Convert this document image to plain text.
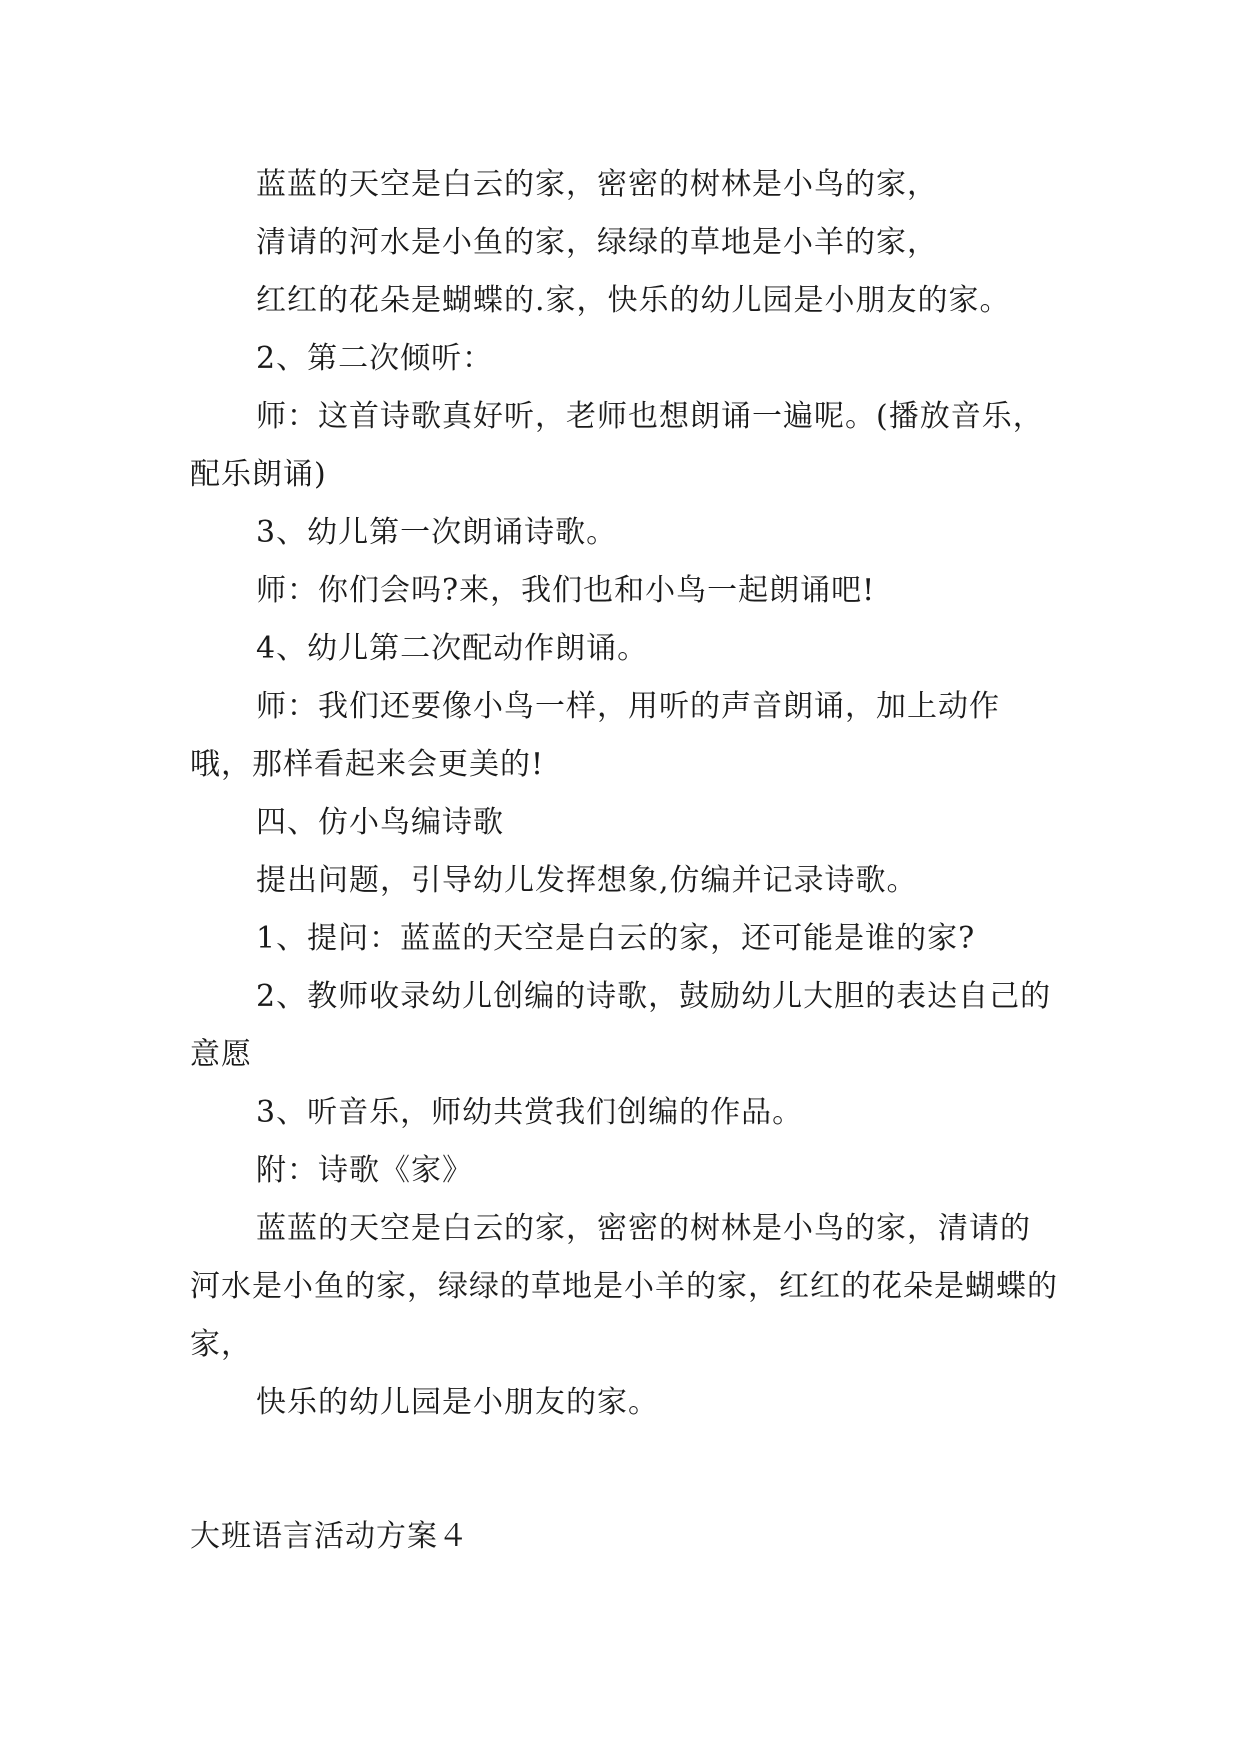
蓝蓝的天空是白云的家，密密的树林是小鸟的家，

清请的河水是小鱼的家，绿绿的草地是小羊的家，

红红的花朵是蝴蝶的.家，快乐的幼儿园是小朋友的家。

2、第二次倾听：

师：这首诗歌真好听，老师也想朗诵一遍呢。(播放音乐，配乐朗诵)

3、幼儿第一次朗诵诗歌。

师：你们会吗?来，我们也和小鸟一起朗诵吧!

4、幼儿第二次配动作朗诵。

师：我们还要像小鸟一样，用听的声音朗诵，加上动作哦，那样看起来会更美的!

四、仿小鸟编诗歌

提出问题，引导幼儿发挥想象,仿编并记录诗歌。

1、提问：蓝蓝的天空是白云的家，还可能是谁的家?

2、教师收录幼儿创编的诗歌，鼓励幼儿大胆的表达自己的意愿

3、听音乐，师幼共赏我们创编的作品。

附：诗歌《家》

蓝蓝的天空是白云的家，密密的树林是小鸟的家，清请的河水是小鱼的家，绿绿的草地是小羊的家，红红的花朵是蝴蝶的家，

快乐的幼儿园是小朋友的家。

大班语言活动方案４
